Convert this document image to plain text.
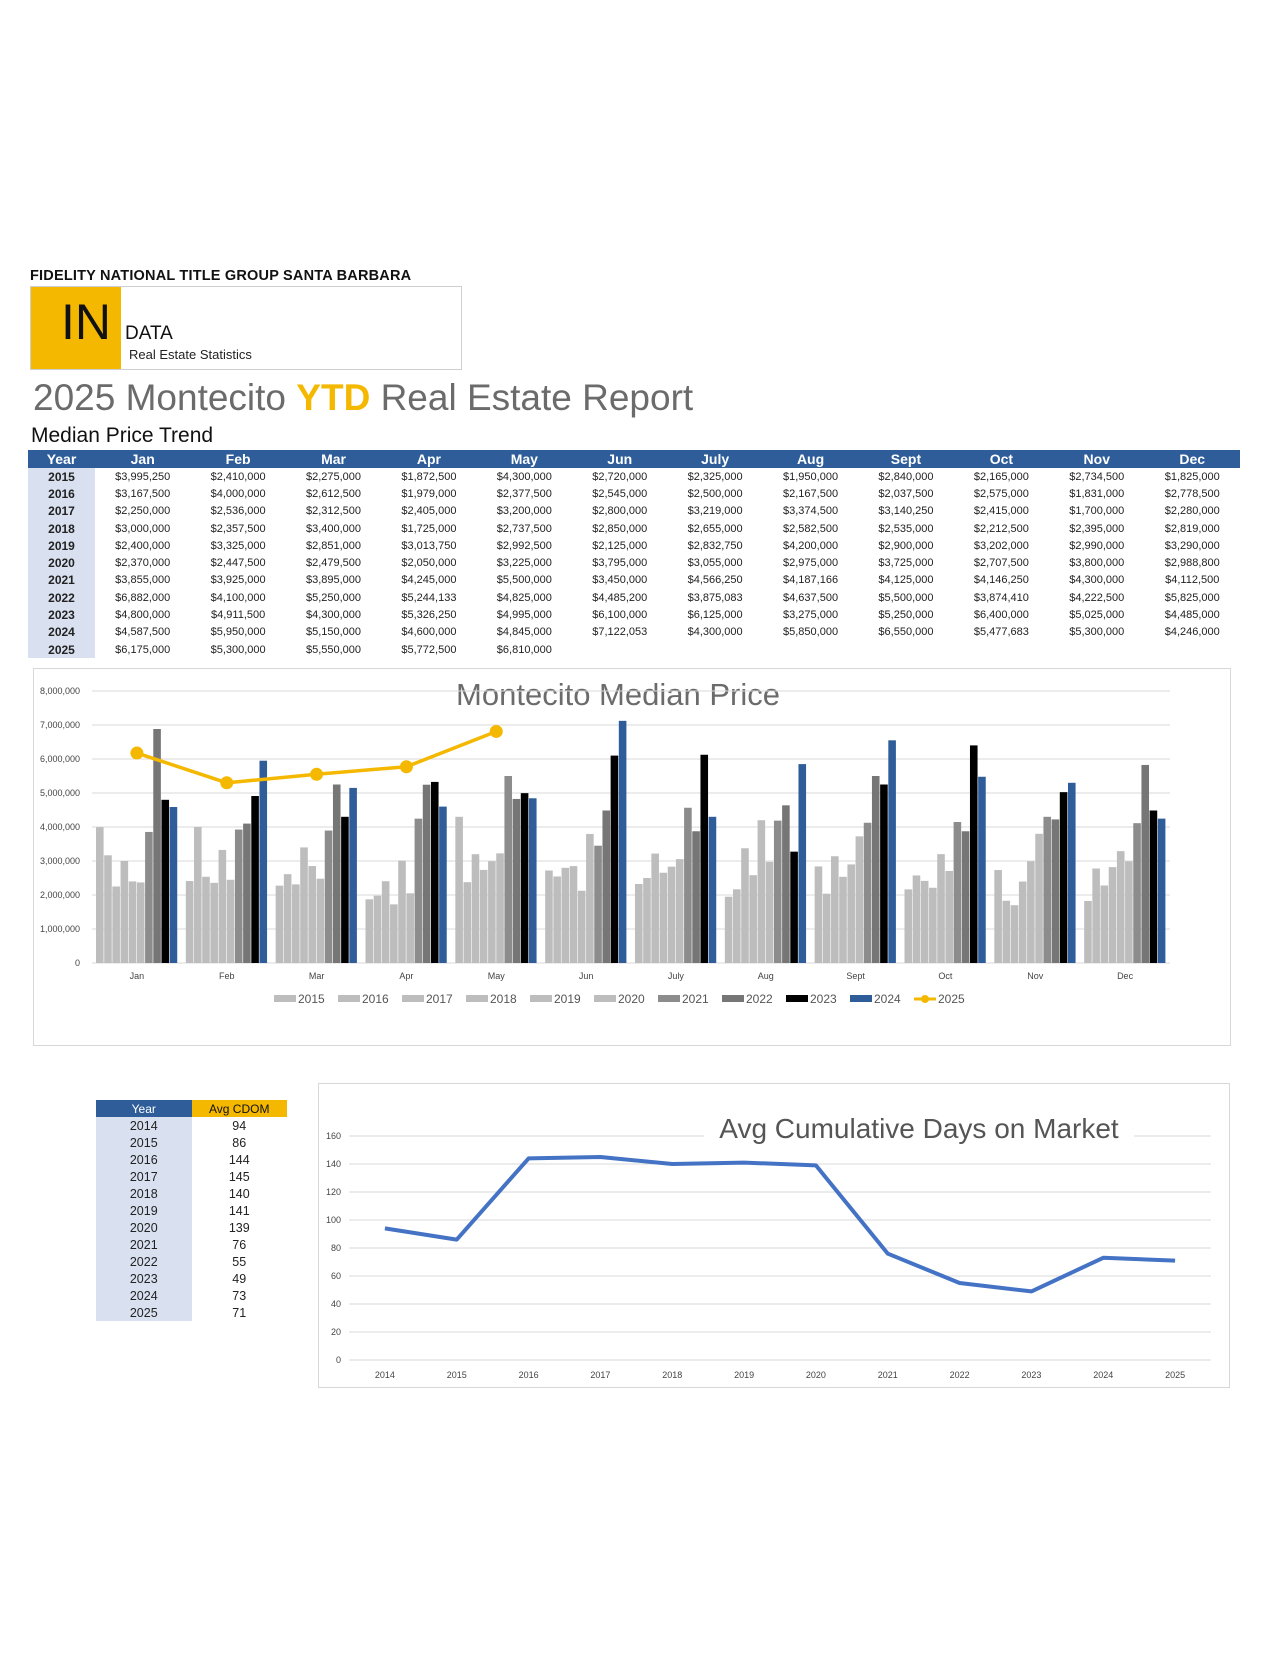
FIDELITY NATIONAL TITLE GROUP SANTA BARBARA
IN DATA
Real Estate Statistics
2025 Montecito YTD Real Estate Report
Median Price Trend
Year	Jan	Feb	Mar	Apr	May	Jun	July	Aug	Sept	Oct	Nov	Dec
2015	$3,995,250	$2,410,000	$2,275,000	$1,872,500	$4,300,000	$2,720,000	$2,325,000	$1,950,000	$2,840,000	$2,165,000	$2,734,500	$1,825,000
2016	$3,167,500	$4,000,000	$2,612,500	$1,979,000	$2,377,500	$2,545,000	$2,500,000	$2,167,500	$2,037,500	$2,575,000	$1,831,000	$2,778,500
2017	$2,250,000	$2,536,000	$2,312,500	$2,405,000	$3,200,000	$2,800,000	$3,219,000	$3,374,500	$3,140,250	$2,415,000	$1,700,000	$2,280,000
2018	$3,000,000	$2,357,500	$3,400,000	$1,725,000	$2,737,500	$2,850,000	$2,655,000	$2,582,500	$2,535,000	$2,212,500	$2,395,000	$2,819,000
2019	$2,400,000	$3,325,000	$2,851,000	$3,013,750	$2,992,500	$2,125,000	$2,832,750	$4,200,000	$2,900,000	$3,202,000	$2,990,000	$3,290,000
2020	$2,370,000	$2,447,500	$2,479,500	$2,050,000	$3,225,000	$3,795,000	$3,055,000	$2,975,000	$3,725,000	$2,707,500	$3,800,000	$2,988,800
2021	$3,855,000	$3,925,000	$3,895,000	$4,245,000	$5,500,000	$3,450,000	$4,566,250	$4,187,166	$4,125,000	$4,146,250	$4,300,000	$4,112,500
2022	$6,882,000	$4,100,000	$5,250,000	$5,244,133	$4,825,000	$4,485,200	$3,875,083	$4,637,500	$5,500,000	$3,874,410	$4,222,500	$5,825,000
2023	$4,800,000	$4,911,500	$4,300,000	$5,326,250	$4,995,000	$6,100,000	$6,125,000	$3,275,000	$5,250,000	$6,400,000	$5,025,000	$4,485,000
2024	$4,587,500	$5,950,000	$5,150,000	$4,600,000	$4,845,000	$7,122,053	$4,300,000	$5,850,000	$6,550,000	$5,477,683	$5,300,000	$4,246,000
2025	$6,175,000	$5,300,000	$5,550,000	$5,772,500	$6,810,000							
Montecito Median Price
0
1,000,000
2,000,000
3,000,000
4,000,000
5,000,000
6,000,000
7,000,000
8,000,000
Jan	Feb	Mar	Apr	May	Jun	July	Aug	Sept	Oct	Nov	Dec
2015	2016	2017	2018	2019	2020	2021	2022	2023	2024	2025
Year	Avg CDOM
2014	94
2015	86
2016	144
2017	145
2018	140
2019	141
2020	139
2021	76
2022	55
2023	49
2024	73
2025	71
0
20
40
60
80
100
120
140
160	Avg Cumulative Days on Market
2014	2015	2016	2017	2018	2019	2020	2021	2022	2023	2024	2025
